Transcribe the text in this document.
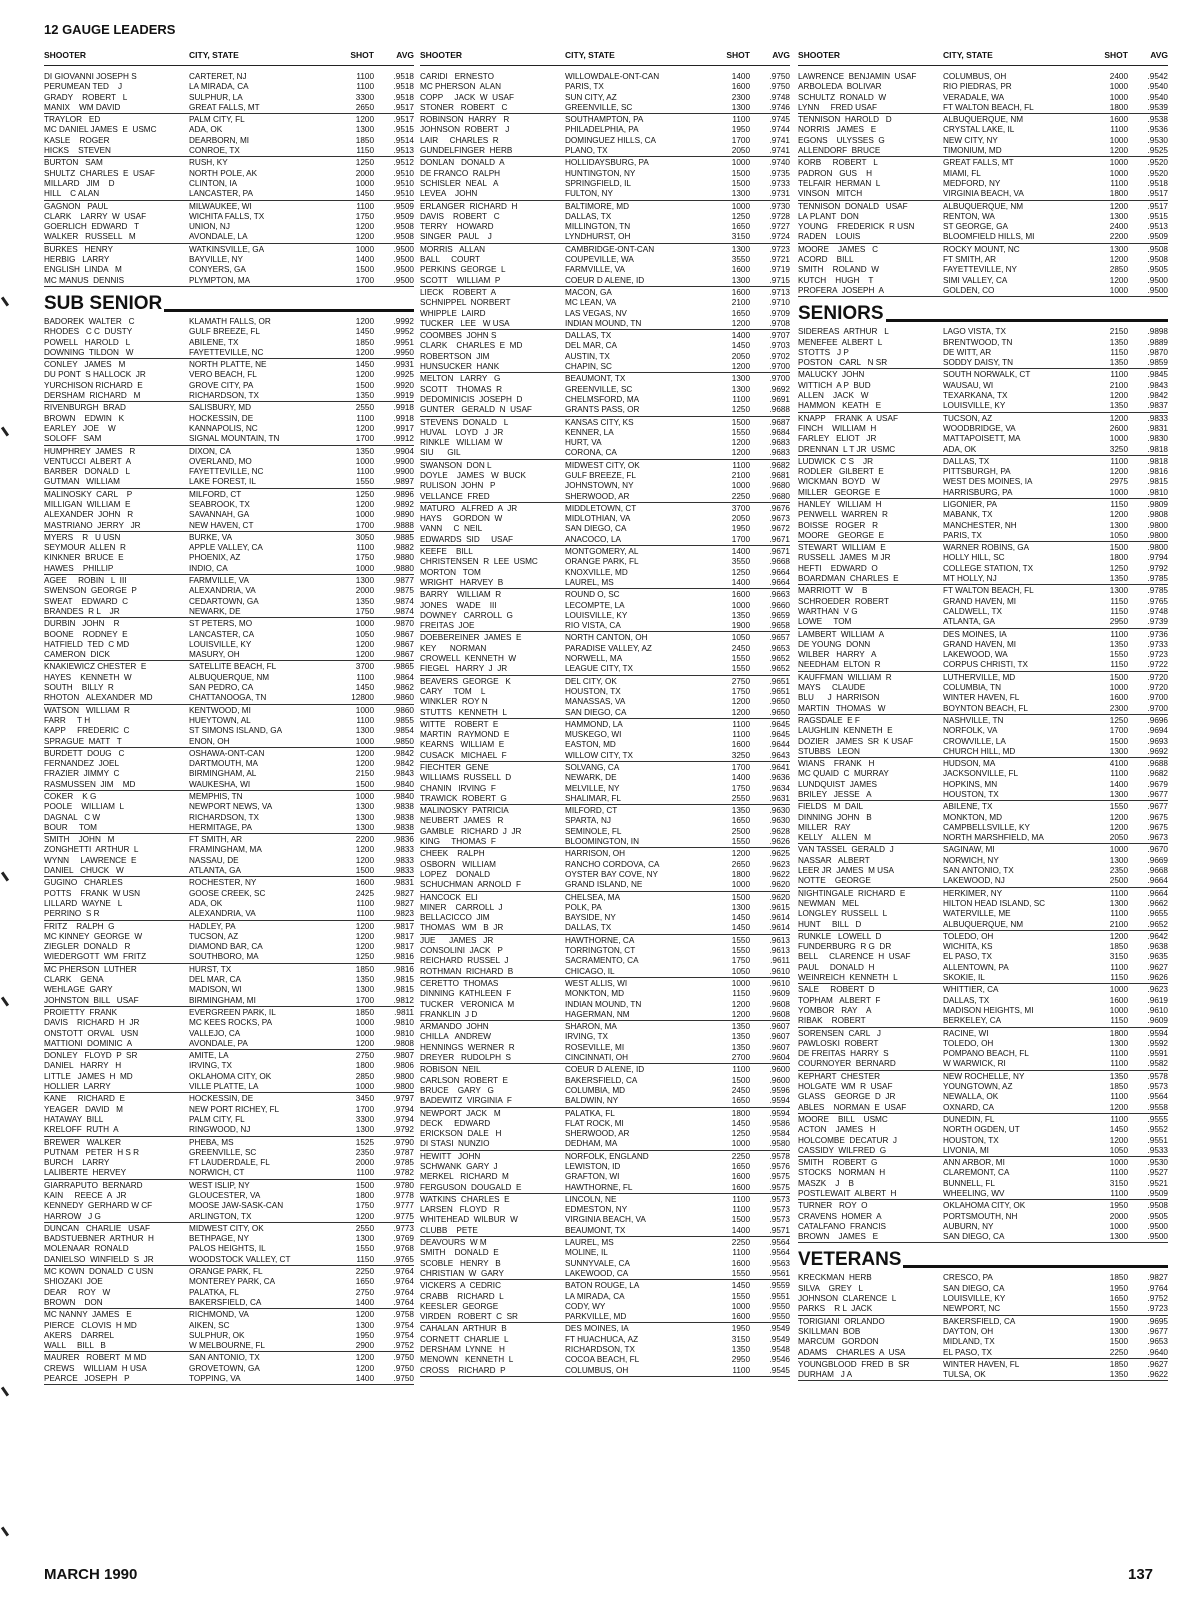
12 GAUGE LEADERS
SHOOTER	CITY, STATE	SHOT	AVG
DI GIOVANNI JOSEPH S	CARTERET, NJ	1100	.9518
PERUMEAN TED    J	LA MIRADA, CA	1100	.9518
GRADY    ROBERT   L	SULPHUR, LA	3300	.9518
MANIX    WM DAVID	GREAT FALLS, MT	2650	.9517
TRAYLOR   ED	PALM CITY, FL	1200	.9517
MC DANIEL JAMES  E  USMC	ADA, OK	1300	.9515
KASLE    ROGER	DEARBORN, MI	1850	.9514
HICKS    STEVEN	CONROE, TX	1150	.9513
BURTON   SAM	RUSH, KY	1250	.9512
SHULTZ  CHARLES  E  USAF	NORTH POLE, AK	2000	.9510
MILLARD   JIM    D	CLINTON, IA	1000	.9510
HILL    C ALAN	LANCASTER, PA	1450	.9510
GAGNON   PAUL	MILWAUKEE, WI	1100	.9509
CLARK    LARRY  W  USAF	WICHITA FALLS, TX	1750	.9509
GOERLICH  EDWARD   T	UNION, NJ	1200	.9508
WALKER   RUSSELL   M	AVONDALE, LA	1200	.9508
BURKES   HENRY	WATKINSVILLE, GA	1000	.9500
HERBIG   LARRY	BAYVILLE, NY	1400	.9500
ENGLISH  LINDA   M	CONYERS, GA	1500	.9500
MC MANUS  DENNIS	PLYMPTON, MA	1700	.9500
SUB SENIOR
BADOREK  WALTER   C	KLAMATH FALLS, OR	1200	.9992
RHODES   C C  DUSTY	GULF BREEZE, FL	1450	.9952
POWELL   HAROLD   L	ABILENE, TX	1850	.9951
DOWNING  TILDON   W	FAYETTEVILLE, NC	1200	.9950
CONLEY   JAMES   M	NORTH PLATTE, NE	1450	.9931
DU PONT  S HALLOCK  JR	VERO BEACH, FL	1200	.9925
YURCHISON RICHARD  E	GROVE CITY, PA	1500	.9920
DERSHAM  RICHARD   M	RICHARDSON, TX	1350	.9919
RIVENBURGH  BRAD	SALISBURY, MD	2550	.9918
BROWN    EDWIN   K	HOCKESSIN, DE	1100	.9918
EARLEY   JOE    W	KANNAPOLIS, NC	1200	.9917
SOLOFF   SAM	SIGNAL MOUNTAIN, TN	1700	.9912
HUMPHREY  JAMES   R	DIXON, CA	1350	.9904
VENTUCCI  ALBERT  A	OVERLAND, MO	1000	.9900
BARBER   DONALD   L	FAYETTEVILLE, NC	1100	.9900
GUTMAN   WILLIAM	LAKE FOREST, IL	1550	.9897
MALINOSKY  CARL    P	MILFORD, CT	1250	.9896
MILLIGAN  WILLIAM  E	SEABROOK, TX	1200	.9892
ALEXANDER  JOHN   R	SAVANNAH, GA	1000	.9890
MASTRIANO  JERRY   JR	NEW HAVEN, CT	1700	.9888
MYERS    R   U USN	BURKE, VA	3050	.9885
SEYMOUR  ALLEN  R	APPLE VALLEY, CA	1100	.9882
KINKNER  BRUCE  E	PHOENIX, AZ	1750	.9880
HAWES    PHILLIP	INDIO, CA	1000	.9880
AGEE     ROBIN   L  III	FARMVILLE, VA	1300	.9877
SWENSON  GEORGE  P	ALEXANDRIA, VA	2000	.9875
SWEAT    EDWARD  C	CEDARTOWN, GA	1350	.9874
BRANDES  R L    JR	NEWARK, DE	1750	.9874
DURBIN   JOHN    R	ST PETERS, MO	1000	.9870
BOONE    RODNEY  E	LANCASTER, CA	1050	.9867
HATFIELD  TED  C MD	LOUISVILLE, KY	1200	.9867
CAMERON  DICK	MASURY, OH	1200	.9867
KNAKIEWICZ CHESTER  E	SATELLITE BEACH, FL	3700	.9865
HAYES    KENNETH  W	ALBUQUERQUE, NM	1100	.9864
SOUTH    BILLY  R	SAN PEDRO, CA	1450	.9862
RHOTON   ALEXANDER  MD	CHATTANOOGA, TN	12800	.9860
WATSON   WILLIAM  R	KENTWOOD, MI	1000	.9860
FARR     T H	HUEYTOWN, AL	1100	.9855
KAPP     FREDERIC  C	ST SIMONS ISLAND, GA	1300	.9854
SPRAGUE  MATT   T	ENON, OH	1000	.9850
BURDETT  DOUG   C	OSHAWA-ONT-CAN	1200	.9842
FERNANDEZ  JOEL	DARTMOUTH, MA	1200	.9842
FRAZIER  JIMMY  C	BIRMINGHAM, AL	2150	.9843
RASMUSSEN  JIM    MD	WAUKESHA, WI	1500	.9840
COKER    K G	MEMPHIS, TN	1000	.9840
POOLE    WILLIAM  L	NEWPORT NEWS, VA	1300	.9838
DAGNAL   C W	RICHARDSON, TX	1300	.9838
BOUR     TOM	HERMITAGE, PA	1300	.9838
SMITH    JOHN   M	FT SMITH, AR	2200	.9836
ZONGHETTI  ARTHUR  L	FRAMINGHAM, MA	1200	.9833
WYNN     LAWRENCE  E	NASSAU, DE	1200	.9833
DANIEL   CHUCK   W	ATLANTA, GA	1500	.9833
GUGINO   CHARLES	ROCHESTER, NY	1600	.9831
POTTS    FRANK  W USN	GOOSE CREEK, SC	2425	.9827
LILLARD  WAYNE   L	ADA, OK	1100	.9827
PERRINO  S R	ALEXANDRIA, VA	1100	.9823
FRITZ    RALPH  G	HADLEY, PA	1200	.9817
MC KINNEY  GEORGE  W	TUCSON, AZ	1200	.9817
ZIEGLER  DONALD   R	DIAMOND BAR, CA	1200	.9817
WIEDERGOTT  WM  FRITZ	SOUTHBORO, MA	1250	.9816
MC PHERSON  LUTHER	HURST, TX	1850	.9816
CLARK    GENA	DEL MAR, CA	1350	.9815
WEHLAGE  GARY	MADISON, WI	1300	.9815
JOHNSTON  BILL   USAF	BIRMINGHAM, MI	1700	.9812
PROIETTY  FRANK	EVERGREEN PARK, IL	1850	.9811
DAVIS    RICHARD  H  JR	MC KEES ROCKS, PA	1000	.9810
ONSTOTT  ORVAL   USN	VALLEJO, CA	1000	.9810
MATTIONI  DOMINIC  A	AVONDALE, PA	1200	.9808
DONLEY   FLOYD  P  SR	AMITE, LA	2750	.9807
DANIEL   HARRY   H	IRVING, TX	1800	.9806
LITTLE   JAMES  H  MD	OKLAHOMA CITY, OK	2850	.9800
HOLLIER  LARRY	VILLE PLATTE, LA	1000	.9800
KANE     RICHARD  E	HOCKESSIN, DE	3450	.9797
YEAGER   DAVID   M	NEW PORT RICHEY, FL	1700	.9794
HATAWAY  BILL	PALM CITY, FL	3300	.9794
KRELOFF  RUTH  A	RINGWOOD, NJ	1300	.9792
BREWER   WALKER	PHEBA, MS	1525	.9790
PUTNAM   PETER  H S R	GREENVILLE, SC	2350	.9787
BURCH    LARRY	FT LAUDERDALE, FL	2000	.9785
LALIBERTE  HERVEY	NORWICH, CT	1100	.9782
GIARRAPUTO  BERNARD	WEST ISLIP, NY	1500	.9780
KAIN     REECE  A  JR	GLOUCESTER, VA	1800	.9778
KENNEDY  GERHARD W CF	MOOSE JAW-SASK-CAN	1750	.9777
HARROW   J G	ARLINGTON, TX	1200	.9775
DUNCAN   CHARLIE   USAF	MIDWEST CITY, OK	2550	.9773
BADSTUEBNER  ARTHUR  H	BETHPAGE, NY	1300	.9769
MOLENAAR  RONALD	PALOS HEIGHTS, IL	1550	.9768
DANIELSO  WINFIELD  S  JR	WOODSTOCK VALLEY, CT	1150	.9765
MC KOWN  DONALD  C USN	ORANGE PARK, FL	2250	.9764
SHIOZAKI  JOE	MONTEREY PARK, CA	1650	.9764
DEAR     ROY   W	PALATKA, FL	2750	.9764
BROWN    DON	BAKERSFIELD, CA	1400	.9764
MC NANNY  JAMES   E	RICHMOND, VA	1200	.9758
PIERCE   CLOVIS  H MD	AIKEN, SC	1300	.9754
AKERS    DARREL	SULPHUR, OK	1950	.9754
WALL     BILL   B	W MELBOURNE, FL	2900	.9752
MAURER   ROBERT  M MD	SAN ANTONIO, TX	1200	.9750
CREWS    WILLIAM  H USA	GROVETOWN, GA	1200	.9750
PEARCE   JOSEPH   P	TOPPING, VA	1400	.9750
SHOOTER	CITY, STATE	SHOT	AVG
CARIDI   ERNESTO	WILLOWDALE-ONT-CAN	1400	.9750
MC PHERSON  ALAN	PARIS, TX	1600	.9750
COPP     JACK  W  USAF	SUN CITY, AZ	2300	.9748
STONER   ROBERT   C	GREENVILLE, SC	1300	.9746
ROBINSON  HARRY   R	SOUTHAMPTON, PA	1100	.9745
JOHNSON  ROBERT   J	PHILADELPHIA, PA	1950	.9744
LAIR     CHARLES  R	DOMINGUEZ HILLS, CA	1700	.9741
GUNDELFINGER  HERB	PLANO, TX	2050	.9741
DONLAN   DONALD  A	HOLLIDAYSBURG, PA	1000	.9740
DE FRANCO  RALPH	HUNTINGTON, NY	1500	.9735
SCHISLER  NEAL   A	SPRINGFIELD, IL	1500	.9733
LEVEA    JOHN	FULTON, NY	1300	.9731
ERLANGER  RICHARD  H	BALTIMORE, MD	1000	.9730
DAVIS    ROBERT   C	DALLAS, TX	1250	.9728
TERRY    HOWARD	MILLINGTON, TN	1650	.9727
SINGER   PAUL    J	LYNDHURST, OH	3150	.9724
MORRIS   ALLAN	CAMBRIDGE-ONT-CAN	1300	.9723
BALL     COURT	COUPEVILLE, WA	3550	.9721
PERKINS  GEORGE  L	FARMVILLE, VA	1600	.9719
SCOTT    WILLIAM  P	COEUR D ALENE, ID	1300	.9715
LIECK    ROBERT  A	MACON, GA	1600	.9713
SCHNIPPEL  NORBERT	MC LEAN, VA	2100	.9710
WHIPPLE  LAIRD	LAS VEGAS, NV	1650	.9709
TUCKER   LEE   W USA	INDIAN MOUND, TN	1200	.9708
COOMBES  JOHN S	DALLAS, TX	1400	.9707
CLARK    CHARLES  E  MD	DEL MAR, CA	1450	.9703
ROBERTSON  JIM	AUSTIN, TX	2050	.9702
HUNSUCKER  HANK	CHAPIN, SC	1200	.9700
MELTON   LARRY   G	BEAUMONT, TX	1300	.9700
SCOTT    THOMAS  R	GREENVILLE, SC	1300	.9692
DEDOMINICIS  JOSEPH  D	CHELMSFORD, MA	1100	.9691
GUNTER   GERALD  N  USAF	GRANTS PASS, OR	1250	.9688
STEVENS  DONALD   L	KANSAS CITY, KS	1500	.9687
HUVAL    LOYD   J  JR	KENNER, LA	1550	.9684
RINKLE   WILLIAM  W	HURT, VA	1200	.9683
SIU      GIL	CORONA, CA	1200	.9683
SWANSON  DON L	MIDWEST CITY, OK	1100	.9682
DOYLE    JAMES   W  BUCK	GULF BREEZE, FL	2100	.9681
RULISON  JOHN   P	JOHNSTOWN, NY	1000	.9680
VELLANCE  FRED	SHERWOOD, AR	2250	.9680
MATURO   ALFRED  A  JR	MIDDLETOWN, CT	3700	.9676
HAYS     GORDON  W	MIDLOTHIAN, VA	2050	.9673
VANN     C  NEIL	SAN DIEGO, CA	1950	.9672
EDWARDS  SID     USAF	ANACOCO, LA	1700	.9671
KEEFE    BILL	MONTGOMERY, AL	1400	.9671
CHRISTENSEN  R  LEE  USMC	ORANGE PARK, FL	3550	.9668
MORTON   TOM	KNOXVILLE, MD	1250	.9664
WRIGHT   HARVEY  B	LAUREL, MS	1400	.9664
BARRY    WILLIAM  R	ROUND O, SC	1600	.9663
JONES    WADE    III	LECOMPTE, LA	1000	.9660
DOWNEY   CARROLL  G	LOUISVILLE, KY	1350	.9659
FREITAS  JOE	RIO VISTA, CA	1900	.9658
DOEBEREINER  JAMES  E	NORTH CANTON, OH	1050	.9657
KEY      NORMAN	PARADISE VALLEY, AZ	2450	.9653
CROWELL  KENNETH  W	NORWELL, MA	1550	.9652
FIEGEL   HARRY  J  JR	LEAGUE CITY, TX	1550	.9652
BEAVERS  GEORGE   K	DEL CITY, OK	2750	.9651
CARY     TOM    L	HOUSTON, TX	1750	.9651
WINKLER  ROY N	MANASSAS, VA	1200	.9650
STUTTS   KENNETH  L	SAN DIEGO, CA	1200	.9650
WITTE    ROBERT  E	HAMMOND, LA	1100	.9645
MARTIN   RAYMOND  E	MUSKEGO, WI	1100	.9645
KEARNS   WILLIAM  E	EASTON, MD	1600	.9644
CUSACK   MICHAEL  F	WILLOW CITY, TX	3250	.9643
FIECHTER  GENE	SOLVANG, CA	1700	.9641
WILLIAMS  RUSSELL  D	NEWARK, DE	1400	.9636
CHANIN   IRVING  F	MELVILLE, NY	1750	.9634
TRAWICK  ROBERT  G	SHALIMAR, FL	2550	.9631
MALINOSKY  PATRICIA	MILFORD, CT	1350	.9630
NEUBERT  JAMES   R	SPARTA, NJ	1650	.9630
GAMBLE   RICHARD  J  JR	SEMINOLE, FL	2500	.9628
KING     THOMAS  F	BLOOMINGTON, IN	1550	.9626
CHEEK    RALPH	HARRISON, OH	1200	.9625
OSBORN   WILLIAM	RANCHO CORDOVA, CA	2650	.9623
LOPEZ    DONALD	OYSTER BAY COVE, NY	1800	.9622
SCHUCHMAN  ARNOLD  F	GRAND ISLAND, NE	1000	.9620
HANCOCK  ELI	CHELSEA, MA	1500	.9620
MINER    CARROLL  J	POLK, PA	1300	.9615
BELLACICCO  JIM	BAYSIDE, NY	1450	.9614
THOMAS   WM   B  JR	DALLAS, TX	1450	.9614
JUE      JAMES   JR	HAWTHORNE, CA	1550	.9613
CONSOLINI  JACK   P	TORRINGTON, CT	1550	.9613
REICHARD  RUSSEL  J	SACRAMENTO, CA	1750	.9611
ROTHMAN  RICHARD  B	CHICAGO, IL	1050	.9610
CERETTO  THOMAS	WEST ALLIS, WI	1000	.9610
DINNING  KATHLEEN  F	MONKTON, MD	1150	.9609
TUCKER   VERONICA  M	INDIAN MOUND, TN	1200	.9608
FRANKLIN  J D	HAGERMAN, NM	1200	.9608
ARMANDO  JOHN	SHARON, MA	1350	.9607
CHILLA   ANDREW	IRVING, TX	1350	.9607
HENNINGS  WERNER  R	ROSEVILLE, MI	1350	.9607
DREYER   RUDOLPH  S	CINCINNATI, OH	2700	.9604
ROBISON  NEIL	COEUR D ALENE, ID	1100	.9600
CARLSON  ROBERT  E	BAKERSFIELD, CA	1500	.9600
BRUCE    GARY   G	COLUMBIA, MD	2450	.9596
BADEWITZ  VIRGINIA  F	BALDWIN, NY	1650	.9594
NEWPORT  JACK   M	PALATKA, FL	1800	.9594
DECK     EDWARD	FLAT ROCK, MI	1450	.9586
ERICKSON  DALE   H	SHERWOOD, AR	1250	.9584
DI STASI  NUNZIO	DEDHAM, MA	1000	.9580
HEWITT   JOHN	NORFOLK, ENGLAND	2250	.9578
SCHWANK  GARY  J	LEWISTON, ID	1650	.9576
MERKEL   RICHARD  M	GRAFTON, WI	1600	.9575
FERGUSON  DOUGALD  E	HAWTHORNE, FL	1600	.9575
WATKINS  CHARLES  E	LINCOLN, NE	1100	.9573
LARSEN   FLOYD   R	EDMESTON, NY	1100	.9573
WHITEHEAD  WILBUR  W	VIRGINIA BEACH, VA	1500	.9573
CLUBB    PETE	BEAUMONT, TX	1400	.9571
DEAVOURS  W M	LAUREL, MS	2250	.9564
SMITH    DONALD  E	MOLINE, IL	1100	.9564
SCOBLE   HENRY   B	SUNNYVALE, CA	1600	.9563
CHRISTIAN  W  GARY	LAKEWOOD, CA	1550	.9561
VICKERS  A  CEDRIC	BATON ROUGE, LA	1450	.9559
CRABB    RICHARD  L	LA MIRADA, CA	1550	.9551
KEESLER  GEORGE	CODY, WY	1000	.9550
VIRDEN   ROBERT  C  SR	PARKVILLE, MD	1600	.9550
CAHALAN  ARTHUR  B	DES MOINES, IA	1950	.9549
CORNETT  CHARLIE  L	FT HUACHUCA, AZ	3150	.9549
DERSHAM  LYNNE   H	RICHARDSON, TX	1350	.9548
MENOWN   KENNETH  L	COCOA BEACH, FL	2950	.9546
CROSS    RICHARD  P	COLUMBUS, OH	1100	.9545
SHOOTER	CITY, STATE	SHOT	AVG
LAWRENCE  BENJAMIN  USAF	COLUMBUS, OH	2400	.9542
ARBOLEDA  BOLIVAR	RIO PIEDRAS, PR	1000	.9540
SCHULTZ  RONALD  W	VERADALE, WA	1000	.9540
LYNN     FRED USAF	FT WALTON BEACH, FL	1800	.9539
TENNISON  HAROLD   D	ALBUQUERQUE, NM	1600	.9538
NORRIS   JAMES   E	CRYSTAL LAKE, IL	1100	.9536
EGONS    ULYSSES  G	NEW CITY, NY	1000	.9530
ALLENDORF  BRUCE	TIMONIUM, MD	1200	.9525
KORB     ROBERT   L	GREAT FALLS, MT	1000	.9520
PADRON   GUS    H	MIAMI, FL	1000	.9520
TELFAIR  HERMAN  L	MEDFORD, NY	1100	.9518
VINSON   MITCH	VIRGINIA BEACH, VA	1800	.9517
TENNISON  DONALD   USAF	ALBUQUERQUE, NM	1200	.9517
LA PLANT  DON	RENTON, WA	1300	.9515
YOUNG    FREDERICK  R USN	ST GEORGE, GA	2400	.9513
RADEN    LOUIS	BLOOMFIELD HILLS, MI	2200	.9509
MOORE    JAMES   C	ROCKY MOUNT, NC	1300	.9508
ACORD    BILL	FT SMITH, AR	1200	.9508
SMITH    ROLAND  W	FAYETTEVILLE, NY	2850	.9505
KUTCH    HUGH    T	SIMI VALLEY, CA	1200	.9500
PROFERA  JOSEPH  A	GOLDEN, CO	1000	.9500
SENIORS
SIDEREAS  ARTHUR   L	LAGO VISTA, TX	2150	.9898
MENEFEE  ALBERT  L	BRENTWOOD, TN	1350	.9889
STOTTS   J P	DE WITT, AR	1150	.9870
POSTON   CARL   N SR	SODDY DAISY, TN	1350	.9859
MALUCKY  JOHN	SOUTH NORWALK, CT	1100	.9845
WITTICH  A P  BUD	WAUSAU, WI	2100	.9843
ALLEN    JACK   W	TEXARKANA, TX	1200	.9842
HAMMON   KEATH   E	LOUISVILLE, KY	1350	.9837
KNAPP    FRANK  A  USAF	TUCSON, AZ	1200	.9833
FINCH    WILLIAM  H	WOODBRIDGE, VA	2600	.9831
FARLEY   ELIOT   JR	MATTAPOISETT, MA	1000	.9830
DRENNAN  L T JR  USMC	ADA, OK	3250	.9818
LUDWICK  C S    JR	DALLAS, TX	1100	.9818
RODLER   GILBERT  E	PITTSBURGH, PA	1200	.9816
WICKMAN  BOYD   W	WEST DES MOINES, IA	2975	.9815
MILLER   GEORGE  E	HARRISBURG, PA	1000	.9810
HANLEY   WILLIAM  H	LIGONIER, PA	1150	.9809
PENWELL  WARREN  R	MABANK, TX	1200	.9808
BOISSE   ROGER   R	MANCHESTER, NH	1300	.9800
MOORE    GEORGE  E	PARIS, TX	1050	.9800
STEWART  WILLIAM  E	WARNER ROBINS, GA	1500	.9800
RUSSELL  JAMES  M JR	HOLLY HILL, SC	1800	.9794
HEFTI    EDWARD  O	COLLEGE STATION, TX	1250	.9792
BOARDMAN  CHARLES  E	MT HOLLY, NJ	1350	.9785
MARRIOTT  W    B	FT WALTON BEACH, FL	1300	.9785
SCHROEDER  ROBERT	GRAND HAVEN, MI	1150	.9765
WARTHAN  V G	CALDWELL, TX	1150	.9748
LOWE     TOM	ATLANTA, GA	2950	.9739
LAMBERT  WILLIAM  A	DES MOINES, IA	1100	.9736
DE YOUNG  DONN	GRAND HAVEN, MI	1350	.9733
WILBER   HARRY   A	LAKEWOOD, WA	1550	.9723
NEEDHAM  ELTON  R	CORPUS CHRISTI, TX	1150	.9722
KAUFFMAN  WILLIAM  R	LUTHERVILLE, MD	1500	.9720
MAYS     CLAUDE	COLUMBIA, TN	1000	.9720
BLU      J  HARRISON	WINTER HAVEN, FL	1600	.9700
MARTIN   THOMAS   W	BOYNTON BEACH, FL	2300	.9700
RAGSDALE  E F	NASHVILLE, TN	1250	.9696
LAUGHLIN  KENNETH  E	NORFOLK, VA	1700	.9694
DOZIER   JAMES  SR  K USAF	CROWVILLE, LA	1500	.9693
STUBBS   LEON	CHURCH HILL, MD	1300	.9692
WIANS    FRANK   H	HUDSON, MA	4100	.9688
MC QUAID  C  MURRAY	JACKSONVILLE, FL	1100	.9682
LUNDQUIST  JAMES	HOPKINS, MN	1400	.9679
BRILEY   JESSE   A	HOUSTON, TX	1300	.9677
FIELDS   M  DAIL	ABILENE, TX	1550	.9677
DINNING  JOHN   B	MONKTON, MD	1200	.9675
MILLER   RAY	CAMPBELLSVILLE, KY	1200	.9675
KELLY    ALLEN   M	NORTH MARSHFIELD, MA	2050	.9673
VAN TASSEL  GERALD  J	SAGINAW, MI	1000	.9670
NASSAR   ALBERT	NORWICH, NY	1300	.9669
LEER JR  JAMES  M USA	SAN ANTONIO, TX	2350	.9668
NOTTE    GEORGE	LAKEWOOD, NJ	2500	.9664
NIGHTINGALE  RICHARD  E	HERKIMER, NY	1100	.9664
NEWMAN   MEL	HILTON HEAD ISLAND, SC	1300	.9662
LONGLEY  RUSSELL  L	WATERVILLE, ME	1100	.9655
HUNT     BILL   D	ALBUQUERQUE, NM	2100	.9652
RUNKLE   LOWELL  D	TOLEDO, OH	1200	.9642
FUNDERBURG  R G  DR	WICHITA, KS	1850	.9638
BELL     CLARENCE  H  USAF	EL PASO, TX	3150	.9635
PAUL     DONALD  H	ALLENTOWN, PA	1100	.9627
WEINREICH  KENNETH  L	SKOKIE, IL	1150	.9626
SALE     ROBERT  D	WHITTIER, CA	1000	.9623
TOPHAM   ALBERT  F	DALLAS, TX	1600	.9619
YOMBOR   RAY    A	MADISON HEIGHTS, MI	1000	.9610
RIBAK    ROBERT	BERKELEY, CA	1150	.9609
SORENSEN  CARL   J	RACINE, WI	1800	.9594
PAWLOSKI  ROBERT	TOLEDO, OH	1300	.9592
DE FREITAS  HARRY  S	POMPANO BEACH, FL	1100	.9591
COURNOYER  BERNARD	W WARWICK, RI	1100	.9582
KEPHART  CHESTER	NEW ROCHELLE, NY	1350	.9578
HOLGATE  WM  R  USAF	YOUNGTOWN, AZ	1850	.9573
GLASS    GEORGE  D  JR	NEWALLA, OK	1100	.9564
ABLES    NORMAN  E  USAF	OXNARD, CA	1200	.9558
MOORE    BILL    USMC	DUNEDIN, FL	1100	.9555
ACTON    JAMES   H	NORTH OGDEN, UT	1450	.9552
HOLCOMBE  DECATUR  J	HOUSTON, TX	1200	.9551
CASSIDY  WILFRED  G	LIVONIA, MI	1050	.9533
SMITH    ROBERT  G	ANN ARBOR, MI	1000	.9530
STOCKS   NORMAN  H	CLAREMONT, CA	1100	.9527
MASZK    J    B	BUNNELL, FL	3150	.9521
POSTLEWAIT  ALBERT  H	WHEELING, WV	1100	.9509
TURNER   ROY  O	OKLAHOMA CITY, OK	1950	.9508
CRAVENS  HOMER  A	PORTSMOUTH, NH	2000	.9505
CATALFANO  FRANCIS	AUBURN, NY	1000	.9500
BROWN    JAMES   E	SAN DIEGO, CA	1300	.9500
VETERANS
KRECKMAN  HERB	CRESCO, PA	1850	.9827
SILVA    GREY   L	SAN DIEGO, CA	1950	.9764
JOHNSON  CLARENCE  L	LOUISVILLE, KY	1650	.9752
PARKS    R L  JACK	NEWPORT, NC	1550	.9723
TORIGIANI  ORLANDO	BAKERSFIELD, CA	1900	.9695
SKILLMAN  BOB	DAYTON, OH	1300	.9677
MARCUM   GORDON	MIDLAND, TX	1500	.9653
ADAMS    CHARLES  A  USA	EL PASO, TX	2250	.9640
YOUNGBLOOD  FRED  B  SR	WINTER HAVEN, FL	1850	.9627
DURHAM   J A	TULSA, OK	1350	.9622
MARCH 1990	137
